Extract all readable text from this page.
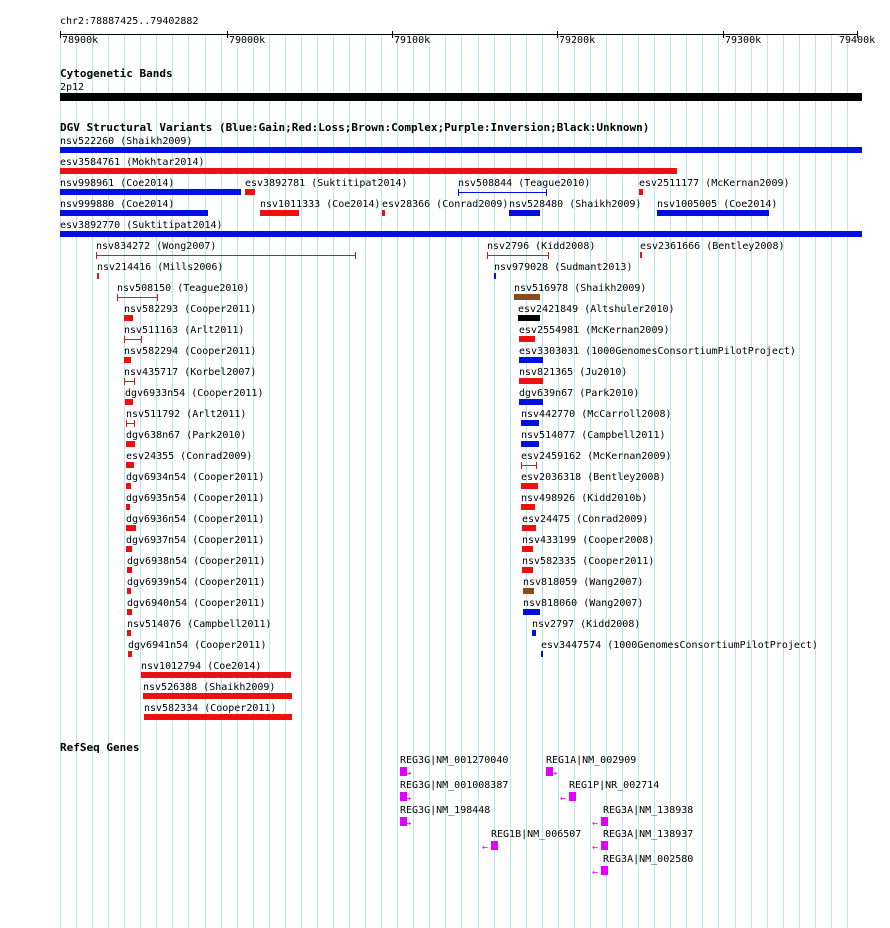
chr2:78887425..79402882
78900k	79000k	79100k	79200k	79300k	79400k
Cytogenetic Bands
2p12
DGV Structural Variants (Blue:Gain;Red:Loss;Brown:Complex;Purple:Inversion;Black:Unknown)
nsv522260 (Shaikh2009)
esv3584761 (Mokhtar2014)
nsv998961 (Coe2014)	esv3892781 (Suktitipat2014)	nsv508844 (Teague2010)	esv2511177 (McKernan2009)
nsv999880 (Coe2014)	nsv1011333 (Coe2014) esv28366 (Conrad2009) nsv528480 (Shaikh2009) nsv1005005 (Coe2014)
esv3892770 (Suktitipat2014)
nsv834272 (Wong2007)	nsv2796 (Kidd2008)	esv2361666 (Bentley2008)
nsv214416 (Mills2006)	nsv979028 (Sudmant2013)
nsv508150 (Teague2010)	nsv516978 (Shaikh2009)
nsv582293 (Cooper2011)	esv2421849 (Altshuler2010)
nsv511163 (Arlt2011)	esv2554981 (McKernan2009)
nsv582294 (Cooper2011)	esv3303031 (1000GenomesConsortiumPilotProject)
nsv435717 (Korbel2007)	nsv821365 (Ju2010)
dgv6933n54 (Cooper2011)	dgv639n67 (Park2010)
nsv511792 (Arlt2011)	nsv442770 (McCarroll2008)
dgv638n67 (Park2010)	nsv514077 (Campbell2011)
esv24355 (Conrad2009)	esv2459162 (McKernan2009)
dgv6934n54 (Cooper2011)	esv2036318 (Bentley2008)
dgv6935n54 (Cooper2011)	nsv498926 (Kidd2010b)
dgv6936n54 (Cooper2011)	esv24475 (Conrad2009)
dgv6937n54 (Cooper2011)	nsv433199 (Cooper2008)
dgv6938n54 (Cooper2011)	nsv582335 (Cooper2011)
dgv6939n54 (Cooper2011)	nsv818059 (Wang2007)
dgv6940n54 (Cooper2011)	nsv818060 (Wang2007)
nsv514076 (Campbell2011)	nsv2797 (Kidd2008)
dgv6941n54 (Cooper2011)	esv3447574 (1000GenomesConsortiumPilotProject)
nsv1012794 (Coe2014)
nsv526388 (Shaikh2009)
nsv582334 (Cooper2011)
RefSeq Genes
REG3G|NM_001270040
→
REG1A|NM_002909
→
REG3G|NM_001008387
→
REG1P|NR_002714
←
REG3G|NM_198448
→
REG3A|NM_138938
←
REG1B|NM_006507
←
REG3A|NM_138937
←
REG3A|NM_002580
←
